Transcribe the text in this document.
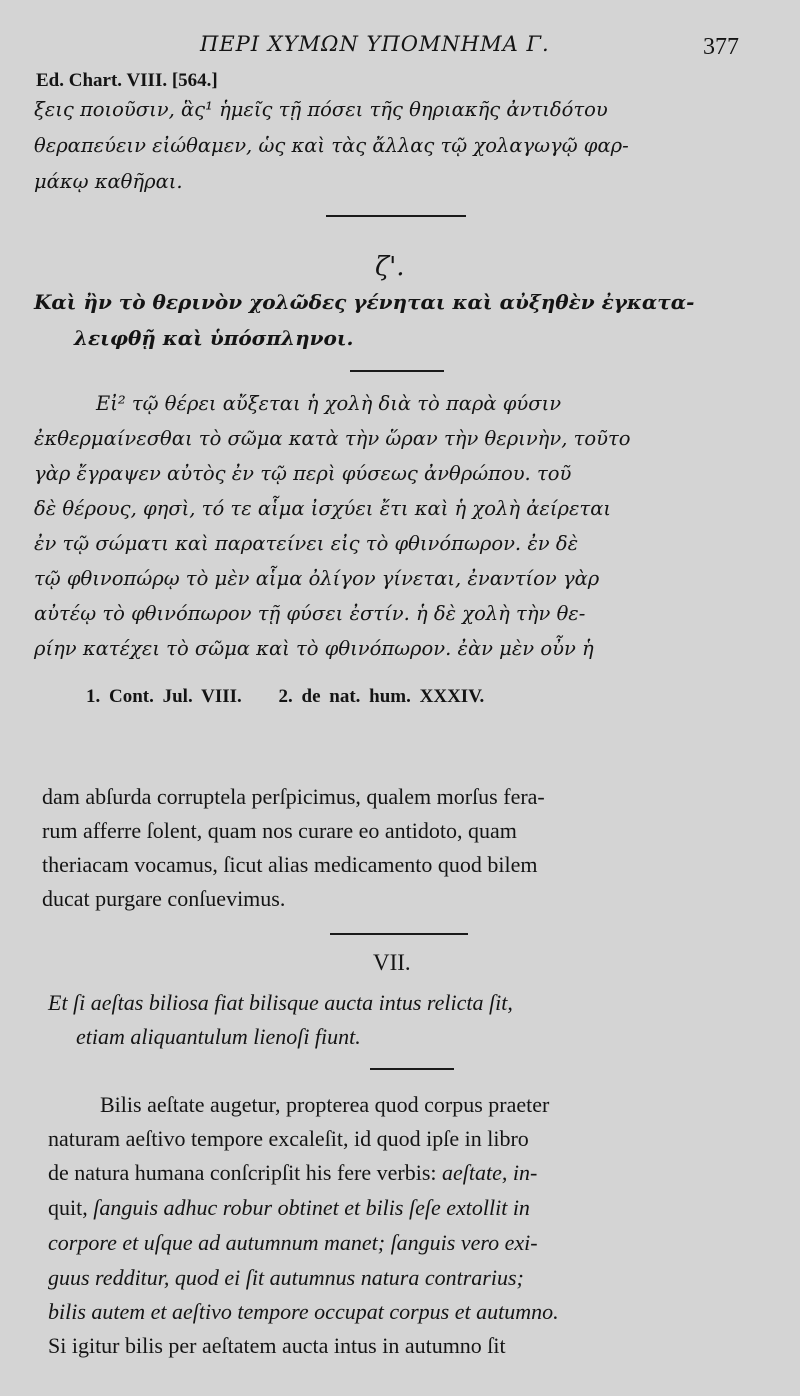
ΠΕΡΙ ΧΥΜΩΝ ΥΠΟΜΝΗΜΑ Γ.	377
Ed. Chart. VIII. [564.]
ξεις ποιοῦσιν, ἃς¹ ἡμεῖς τῇ πόσει τῆς θηριακῆς ἀντιδότου
θεραπεύειν εἰώθαμεν, ὡς καὶ τὰς ἄλλας τῷ χολαγωγῷ φαρ-
μάκῳ καθῆραι.
ζ'.
Καὶ ἢν τὸ θερινὸν χολῶδες γένηται καὶ αὐξηθὲν ἐγκατα-
λειφθῇ καὶ ὑπόσπληνοι.
Εἰ² τῷ θέρει αὔξεται ἡ χολὴ διὰ τὸ παρὰ φύσιν
ἐκθερμαίνεσθαι τὸ σῶμα κατὰ τὴν ὥραν τὴν θερινὴν, τοῦτο
γὰρ ἔγραψεν αὐτὸς ἐν τῷ περὶ φύσεως ἀνθρώπου. τοῦ
δὲ θέρους, φησὶ, τό τε αἷμα ἰσχύει ἔτι καὶ ἡ χολὴ ἀείρεται
ἐν τῷ σώματι καὶ παρατείνει εἰς τὸ φθινόπωρον. ἐν δὲ
τῷ φθινοπώρῳ τὸ μὲν αἷμα ὀλίγον γίνεται, ἐναντίον γὰρ
αὐτέῳ τὸ φθινόπωρον τῇ φύσει ἐστίν. ἡ δὲ χολὴ τὴν θε-
ρίην κατέχει τὸ σῶμα καὶ τὸ φθινόπωρον. ἐὰν μὲν οὖν ἡ
1. Cont. Jul. VIII. 2. de nat. hum. XXXIV.
dam abſurda corruptela perſpicimus, qualem morſus fera-
rum afferre ſolent, quam nos curare eo antidoto, quam
theriacam vocamus, ſicut alias medicamento quod bilem
ducat purgare conſuevimus.
VII.
Et ſi aeſtas biliosa fiat bilisque aucta intus relicta ſit,
etiam aliquantulum lienoſi fiunt.
Bilis aeſtate augetur, propterea quod corpus praeter
naturam aeſtivo tempore excaleſit, id quod ipſe in libro
de natura humana conſcripſit his fere verbis: aeſtate, in-
quit, ſanguis adhuc robur obtinet et bilis ſeſe extollit in
corpore et uſque ad autumnum manet; ſanguis vero exi-
guus redditur, quod ei ſit autumnus natura contrarius;
bilis autem et aeſtivo tempore occupat corpus et autumno.
Si igitur bilis per aeſtatem aucta intus in autumno ſit
